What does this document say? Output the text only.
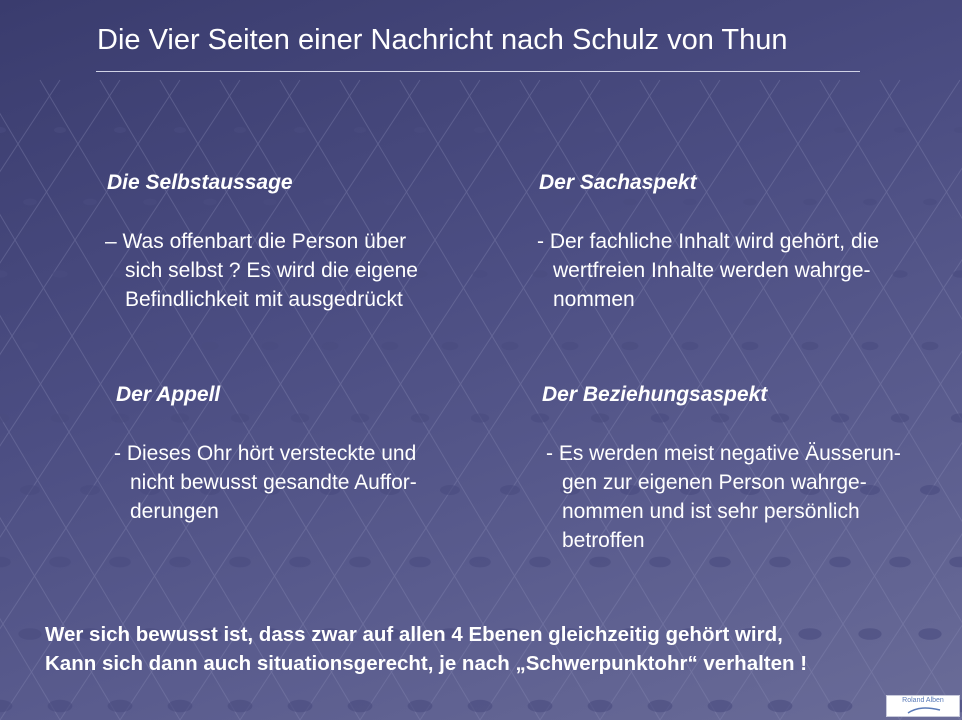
Die Vier Seiten einer Nachricht nach Schulz von Thun
Die Selbstaussage

– Was offenbart die Person über
sich selbst ? Es wird die eigene
Befindlichkeit mit ausgedrückt

Der Sachaspekt

- Der fachliche Inhalt wird gehört, die
wertfreien Inhalte werden wahrge-
nommen

Der Appell

- Dieses Ohr hört versteckte und
nicht bewusst gesandte Auffor-
derungen

Der Beziehungsaspekt

- Es werden meist negative Äusserun-
gen zur eigenen Person wahrge-
nommen und ist sehr persönlich
betroffen

Wer sich bewusst ist, dass zwar auf allen 4 Ebenen gleichzeitig gehört wird,
Kann sich dann auch situationsgerecht, je nach „Schwerpunktohr“ verhalten !

Roland Alben
